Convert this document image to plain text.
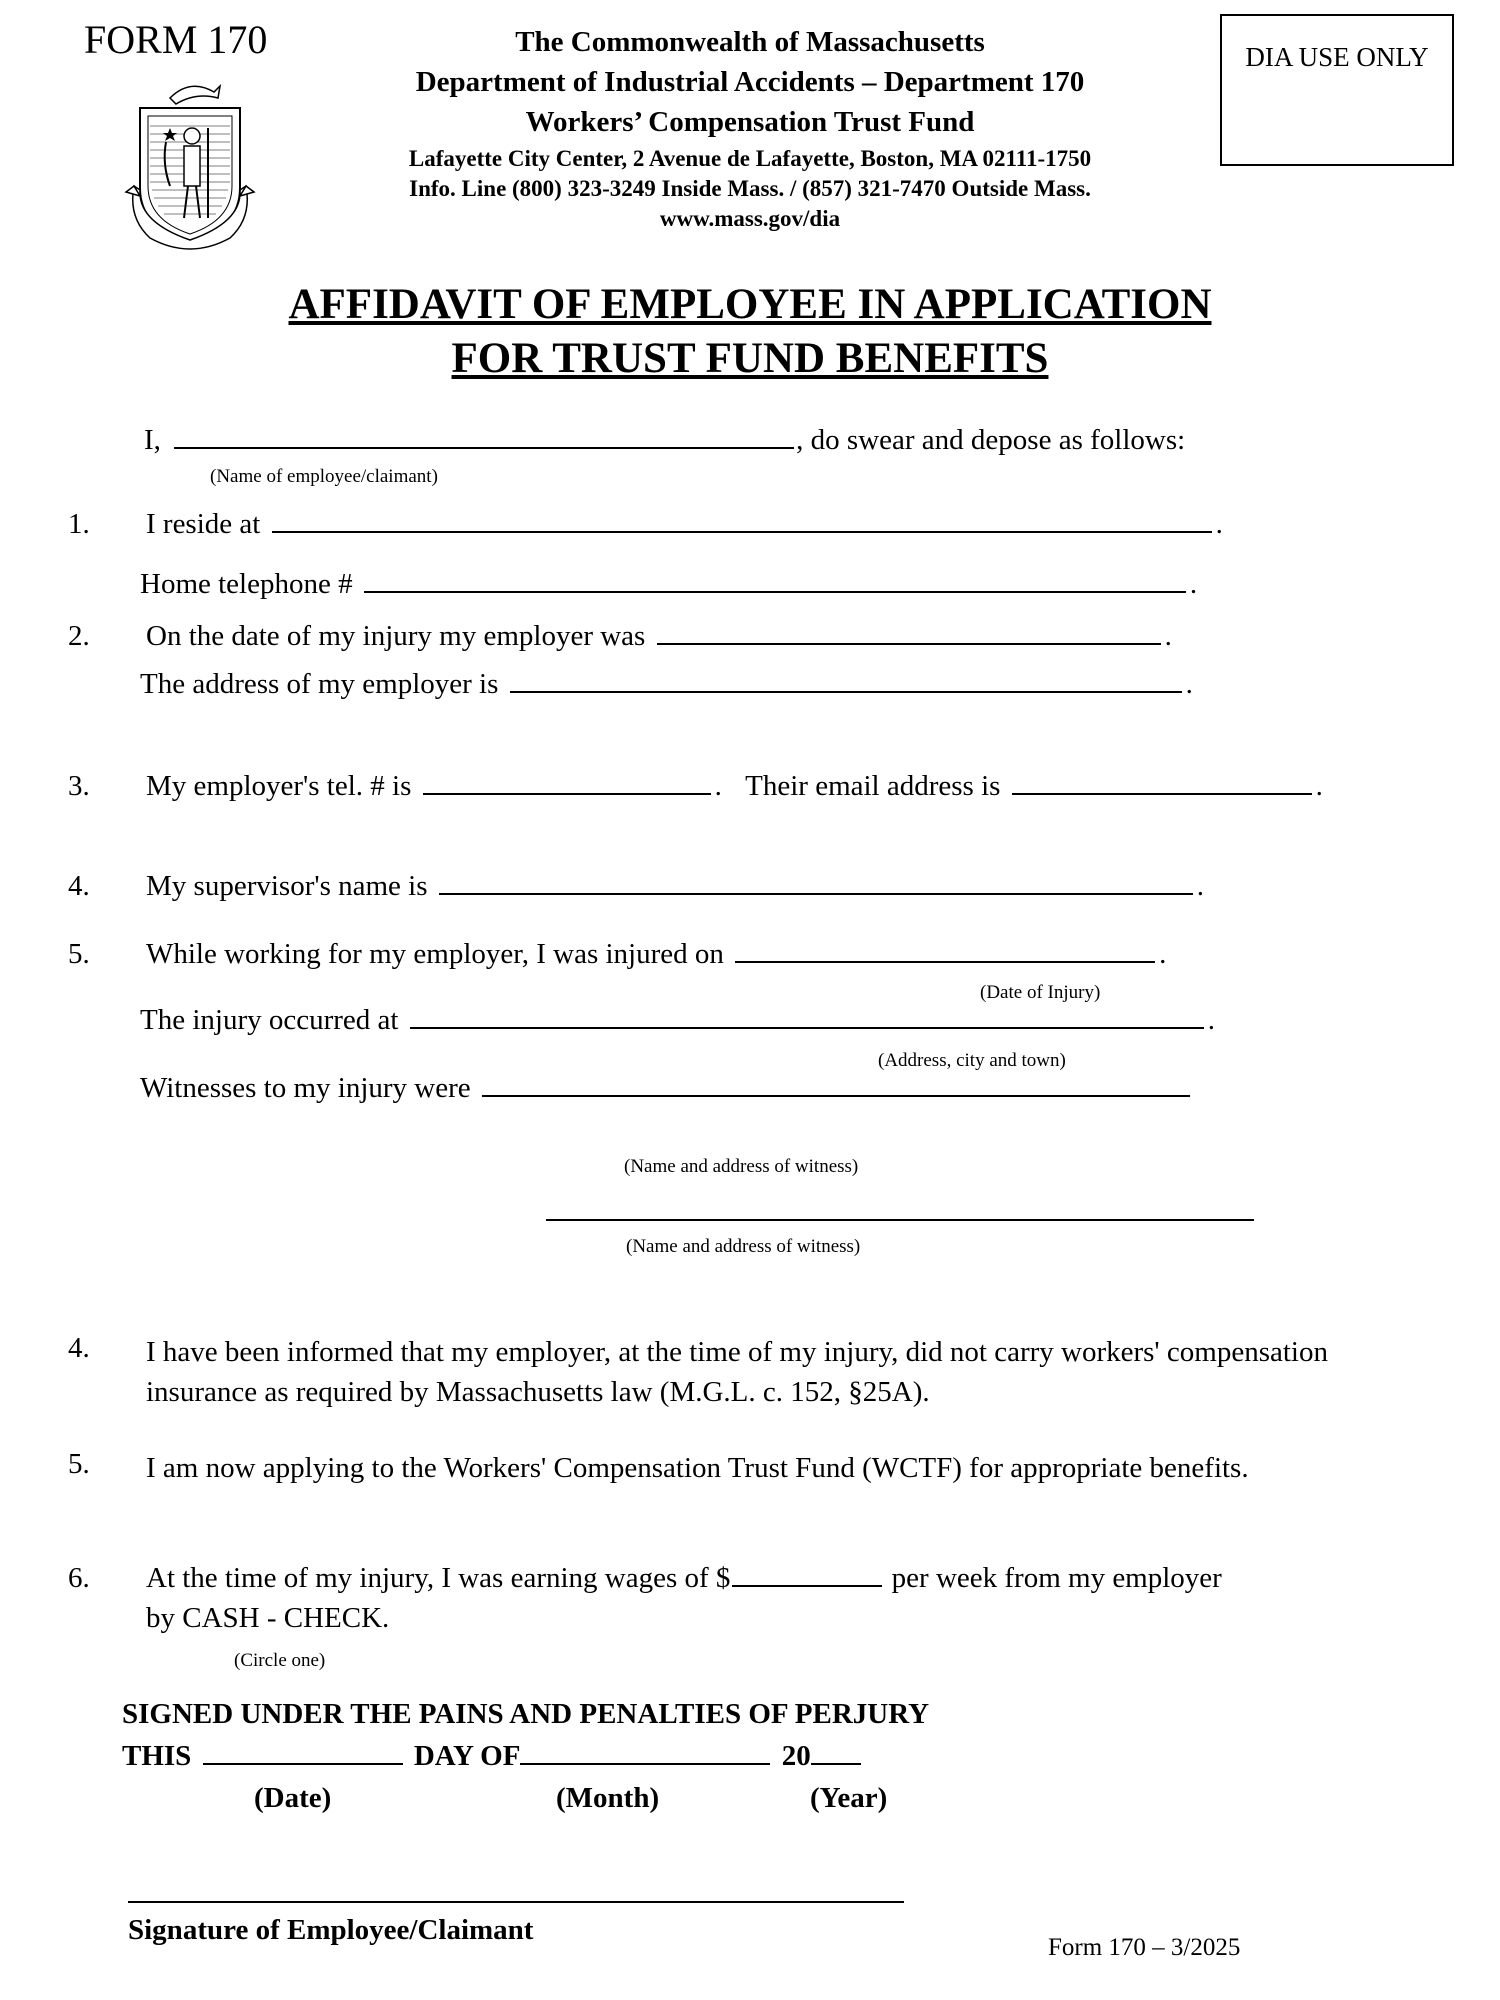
FORM 170	The Commonwealth of Massachusetts
Department of Industrial Accidents – Department 170
Workers’ Compensation Trust Fund
Lafayette City Center, 2 Avenue de Lafayette, Boston, MA 02111-1750
Info. Line (800) 323-3249 Inside Mass. / (857) 321-7470 Outside Mass.
www.mass.gov/dia
DIA USE ONLY
AFFIDAVIT OF EMPLOYEE IN APPLICATION
FOR TRUST FUND BENEFITS
I,	, do swear and depose as follows:
(Name of employee/claimant)
1. I reside at	.
Home telephone #	.
2. On the date of my injury my employer was	.
The address of my employer is	.
3. My employer's tel. # is	. Their email address is	.
4. My supervisor's name is	.
5. While working for my employer, I was injured on	.
(Date of Injury)
The injury occurred at	.
(Address, city and town)
Witnesses to my injury were
(Name and address of witness)
(Name and address of witness)
4. I have been informed that my employer, at the time of my injury, did not carry workers' compensation insurance as required by Massachusetts law (M.G.L. c. 152, §25A).
5. I am now applying to the Workers' Compensation Trust Fund (WCTF) for appropriate benefits.
6. At the time of my injury, I was earning wages of $	per week from my employer
by CASH - CHECK.
(Circle one)
SIGNED UNDER THE PAINS AND PENALTIES OF PERJURY
THIS	DAY OF	20
(Date)	(Month)	(Year)
Signature of Employee/Claimant
Form 170 – 3/2025
